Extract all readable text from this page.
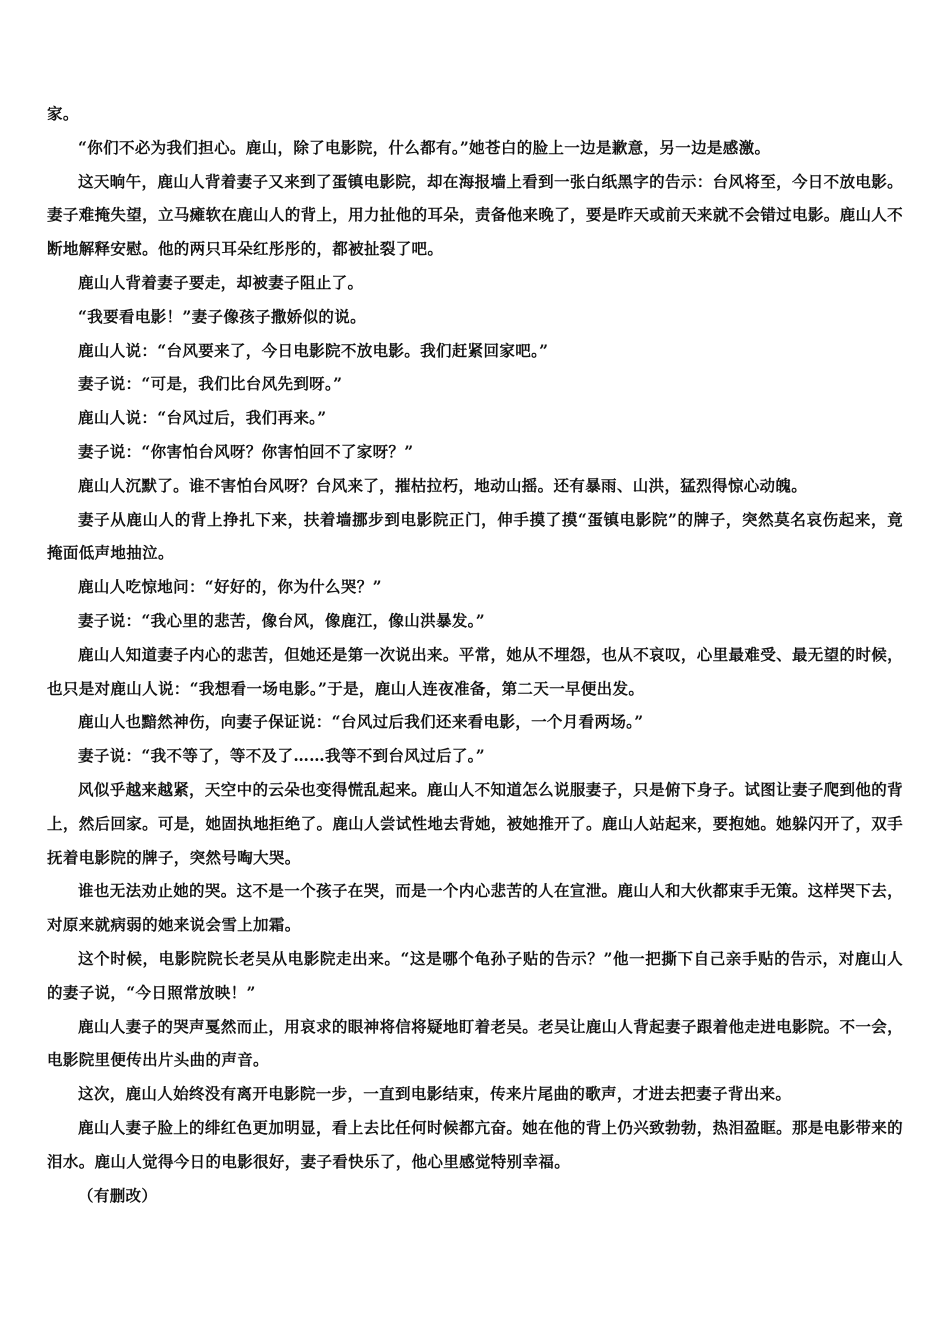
家。

“你们不必为我们担心。鹿山，除了电影院，什么都有。”她苍白的脸上一边是歉意，另一边是感激。

这天晌午，鹿山人背着妻子又来到了蛋镇电影院，却在海报墙上看到一张白纸黑字的告示：台风将至，今日不放电影。妻子难掩失望，立马瘫软在鹿山人的背上，用力扯他的耳朵，责备他来晚了，要是昨天或前天来就不会错过电影。鹿山人不断地解释安慰。他的两只耳朵红彤彤的，都被扯裂了吧。

鹿山人背着妻子要走，却被妻子阻止了。

“我要看电影！”妻子像孩子撒娇似的说。

鹿山人说：“台风要来了，今日电影院不放电影。我们赶紧回家吧。”

妻子说：“可是，我们比台风先到呀。”

鹿山人说：“台风过后，我们再来。”

妻子说：“你害怕台风呀？你害怕回不了家呀？”

鹿山人沉默了。谁不害怕台风呀？台风来了，摧枯拉朽，地动山摇。还有暴雨、山洪，猛烈得惊心动魄。

妻子从鹿山人的背上挣扎下来，扶着墙挪步到电影院正门，伸手摸了摸“蛋镇电影院”的牌子，突然莫名哀伤起来，竟掩面低声地抽泣。

鹿山人吃惊地问：“好好的，你为什么哭？”

妻子说：“我心里的悲苦，像台风，像鹿江，像山洪暴发。”

鹿山人知道妻子内心的悲苦，但她还是第一次说出来。平常，她从不埋怨，也从不哀叹，心里最难受、最无望的时候，也只是对鹿山人说：“我想看一场电影。”于是，鹿山人连夜准备，第二天一早便出发。

鹿山人也黯然神伤，向妻子保证说：“台风过后我们还来看电影，一个月看两场。”

妻子说：“我不等了，等不及了……我等不到台风过后了。”

风似乎越来越紧，天空中的云朵也变得慌乱起来。鹿山人不知道怎么说服妻子，只是俯下身子。试图让妻子爬到他的背上，然后回家。可是，她固执地拒绝了。鹿山人尝试性地去背她，被她推开了。鹿山人站起来，要抱她。她躲闪开了，双手抚着电影院的牌子，突然号啕大哭。

谁也无法劝止她的哭。这不是一个孩子在哭，而是一个内心悲苦的人在宣泄。鹿山人和大伙都束手无策。这样哭下去，对原来就病弱的她来说会雪上加霜。

这个时候，电影院院长老吴从电影院走出来。“这是哪个龟孙子贴的告示？”他一把撕下自己亲手贴的告示，对鹿山人的妻子说，“今日照常放映！”

鹿山人妻子的哭声戛然而止，用哀求的眼神将信将疑地盯着老吴。老吴让鹿山人背起妻子跟着他走进电影院。不一会，电影院里便传出片头曲的声音。

这次，鹿山人始终没有离开电影院一步，一直到电影结束，传来片尾曲的歌声，才进去把妻子背出来。

鹿山人妻子脸上的绯红色更加明显，看上去比任何时候都亢奋。她在他的背上仍兴致勃勃，热泪盈眶。那是电影带来的泪水。鹿山人觉得今日的电影很好，妻子看快乐了，他心里感觉特别幸福。

（有删改）
